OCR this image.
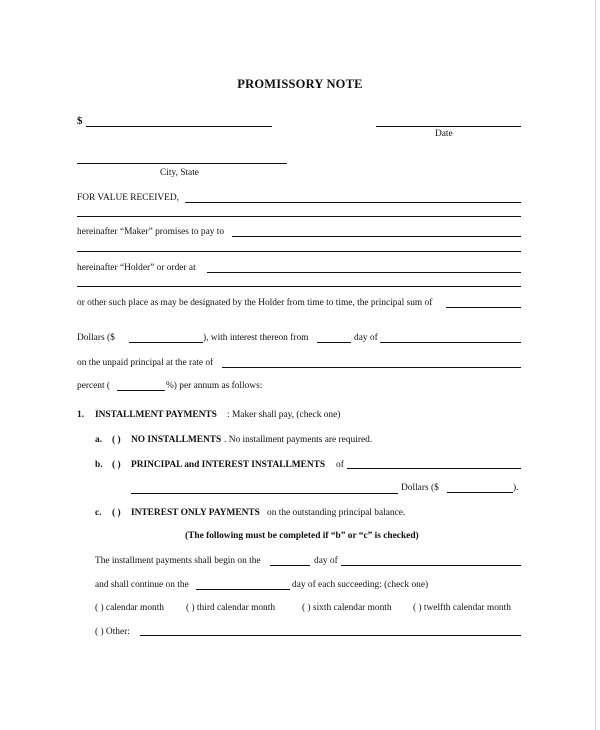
PROMISSORY NOTE
$
Date
City, State
FOR VALUE RECEIVED,
hereinafter “Maker” promises to pay to
hereinafter “Holder” or order at
or other such place as may be designated by the Holder from time to time, the principal sum of
Dollars ($	), with interest thereon from	day of
on the unpaid principal at the rate of
percent (	%) per annum as follows:
1. INSTALLMENT PAYMENTS : Maker shall pay, (check one)
a. ( ) NO INSTALLMENTS . No installment payments are required.
b. ( ) PRINCIPAL and INTEREST INSTALLMENTS of
Dollars ($	).
c. ( ) INTEREST ONLY PAYMENTS on the outstanding principal balance.
(The following must be completed if “b” or “c” is checked)
The installment payments shall begin on the	day of
and shall continue on the	day of each succeeding: (check one)
( ) calendar month ( ) third calendar month	( ) sixth calendar month ( ) twelfth calendar month
( ) Other:
